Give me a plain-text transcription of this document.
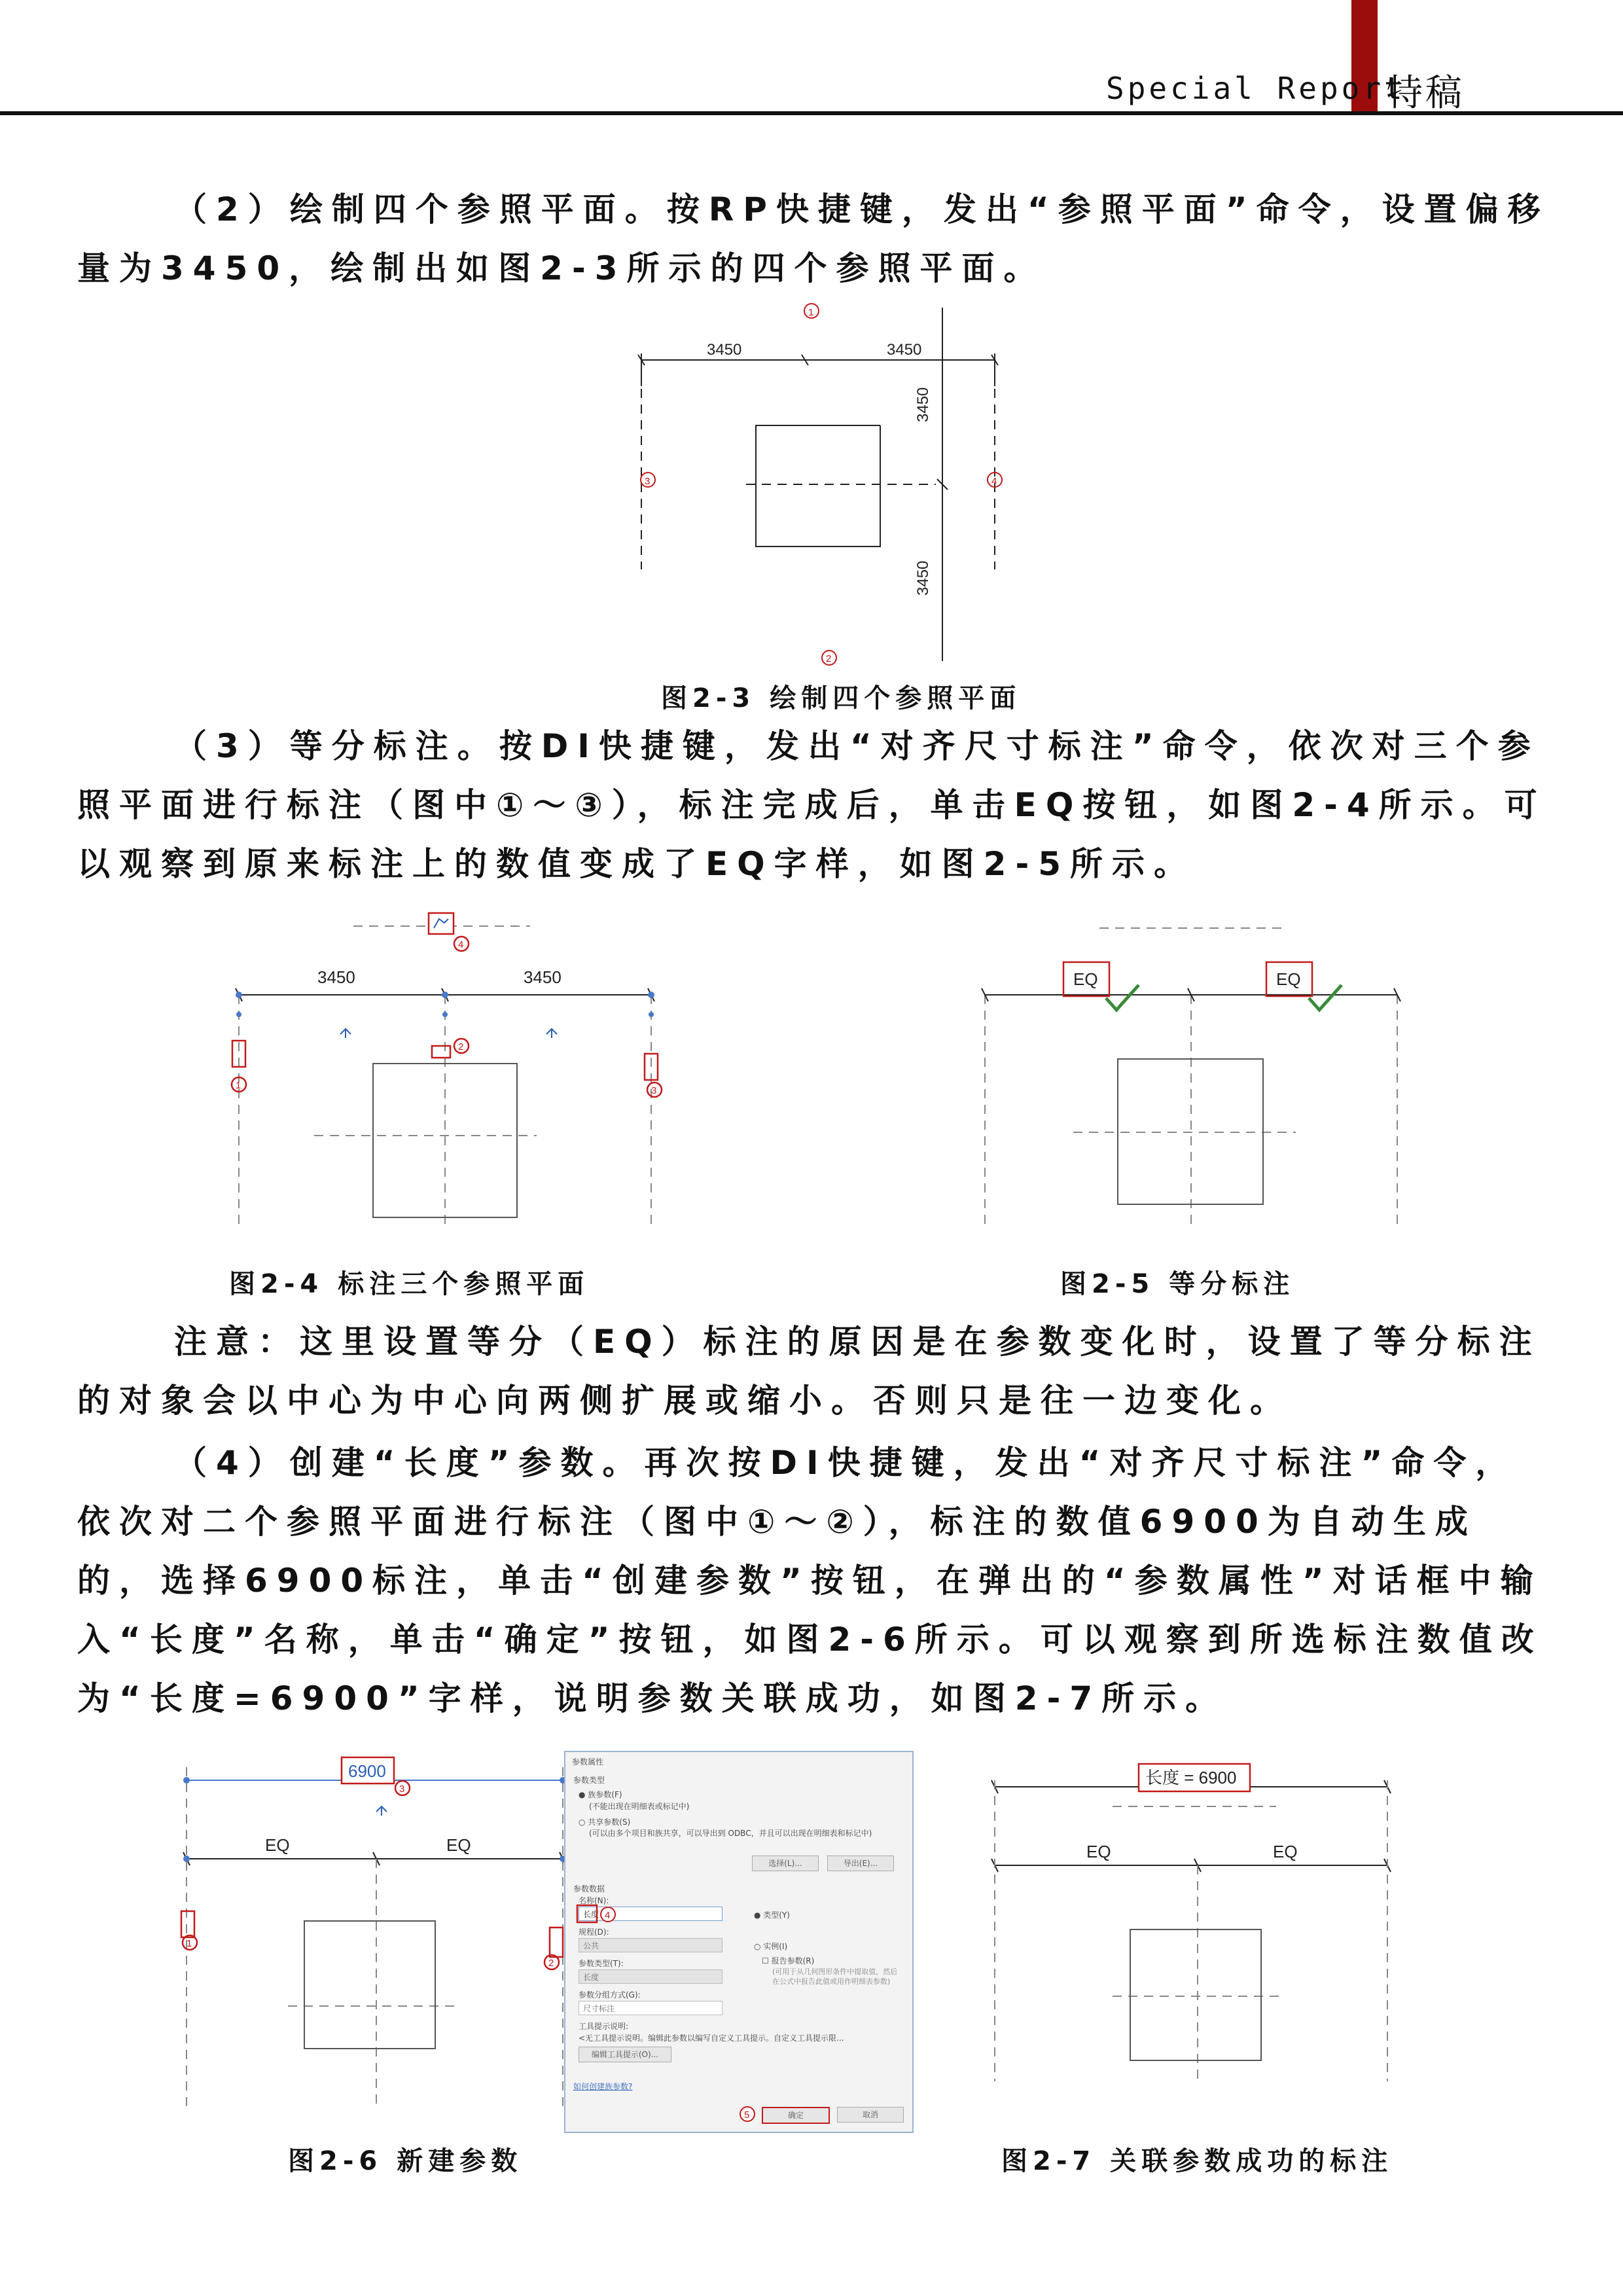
Special Report
特稿

（2）绘制四个参照平面。按RP快捷键，发出“参照平面”命令，设置偏移量为3450，绘制出如图2-3所示的四个参照平面。

3450	3450
3450
3450
1
3	4
2
图2-3 绘制四个参照平面

（3）等分标注。按DI快捷键，发出“对齐尺寸标注”命令，依次对三个参照平面进行标注（图中①～③），标注完成后，单击EQ按钮，如图2-4所示。可以观察到原来标注上的数值变成了EQ字样，如图2-5所示。

3450	3450
4
2
1	3
图2-4 标注三个参照平面
EQ	EQ
图2-5 等分标注

注意：这里设置等分（EQ）标注的原因是在参数变化时，设置了等分标注的对象会以中心为中心向两侧扩展或缩小。否则只是往一边变化。

（4）创建“长度”参数。再次按DI快捷键，发出“对齐尺寸标注”命令，依次对二个参照平面进行标注（图中①～②），标注的数值6900为自动生成的，选择6900标注，单击“创建参数”按钮，在弹出的“参数属性”对话框中输入“长度”名称，单击“确定”按钮，如图2-6所示。可以观察到所选标注数值改为“长度=6900”字样，说明参数关联成功，如图2-7所示。

6900
EQ	EQ
3
1
2
参数属性
参数类型
● 族参数(F)
(不能出现在明细表或标记中)
○ 共享参数(S)
(可以由多个项目和族共享，可以导出到 ODBC，并且可以出现在明细表和标记中)
选择(L)...	导出(E)...
参数数据
名称(N):
长度	● 类型(Y)
规程(D):
公共	○ 实例(I)
参数类型(T):	☐ 报告参数(R)
长度
(可用于从几何图形条件中提取值，然后在公式中报告此值或用作明细表参数)
参数分组方式(G):
尺寸标注
工具提示说明:
<无工具提示说明。编辑此参数以编写自定义工具提示。自定义工具提示限...
编辑工具提示(O)...
如何创建族参数?
确定	取消
4
5
图2-6 新建参数
长度 = 6900
EQ	EQ
图2-7 关联参数成功的标注
